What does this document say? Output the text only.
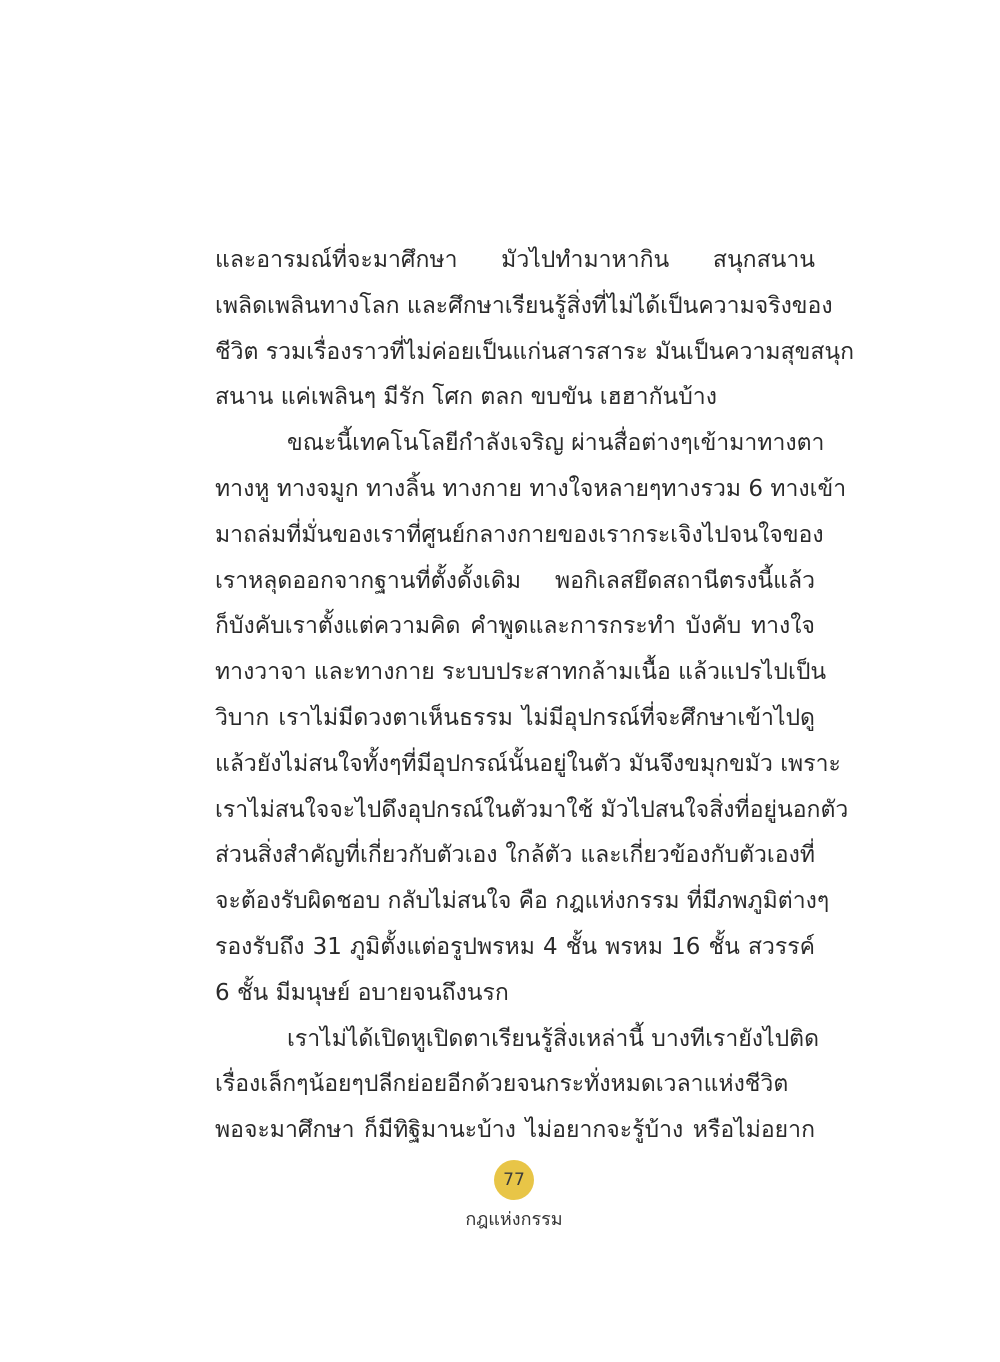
และอารมณ์ที่จะมาศึกษา มัวไปทำมาหากิน สนุกสนาน
เพลิดเพลินทางโลก และศึกษาเรียนรู้สิ่งที่ไม่ได้เป็นความจริงของ
ชีวิต รวมเรื่องราวที่ไม่ค่อยเป็นแก่นสารสาระ มันเป็นความสุขสนุก
สนาน แค่เพลินๆ มีรัก โศก ตลก ขบขัน เฮฮากันบ้าง
ขณะนี้เทคโนโลยีกำลังเจริญ ผ่านสื่อต่างๆเข้ามาทางตา
ทางหู ทางจมูก ทางลิ้น ทางกาย ทางใจหลายๆทางรวม 6 ทางเข้า
มาถล่มที่มั่นของเราที่ศูนย์กลางกายของเรากระเจิงไปจนใจของ
เราหลุดออกจากฐานที่ตั้งดั้งเดิม พอกิเลสยึดสถานีตรงนี้แล้ว
ก็บังคับเราตั้งแต่ความคิด คำพูดและการกระทำ บังคับ ทางใจ
ทางวาจา และทางกาย ระบบประสาทกล้ามเนื้อ แล้วแปรไปเป็น
วิบาก เราไม่มีดวงตาเห็นธรรม ไม่มีอุปกรณ์ที่จะศึกษาเข้าไปดู
แล้วยังไม่สนใจทั้งๆที่มีอุปกรณ์นั้นอยู่ในตัว มันจึงขมุกขมัว เพราะ
เราไม่สนใจจะไปดึงอุปกรณ์ในตัวมาใช้ มัวไปสนใจสิ่งที่อยู่นอกตัว
ส่วนสิ่งสำคัญที่เกี่ยวกับตัวเอง ใกล้ตัว และเกี่ยวข้องกับตัวเองที่
จะต้องรับผิดชอบ กลับไม่สนใจ คือ กฎแห่งกรรม ที่มีภพภูมิต่างๆ
รองรับถึง 31 ภูมิตั้งแต่อรูปพรหม 4 ชั้น พรหม 16 ชั้น สวรรค์
6 ชั้น มีมนุษย์ อบายจนถึงนรก
เราไม่ได้เปิดหูเปิดตาเรียนรู้สิ่งเหล่านี้ บางทีเรายังไปติด
เรื่องเล็กๆน้อยๆปลีกย่อยอีกด้วยจนกระทั่งหมดเวลาแห่งชีวิต
พอจะมาศึกษา ก็มีทิฐิมานะบ้าง ไม่อยากจะรู้บ้าง หรือไม่อยาก
77
กฎแห่งกรรม
